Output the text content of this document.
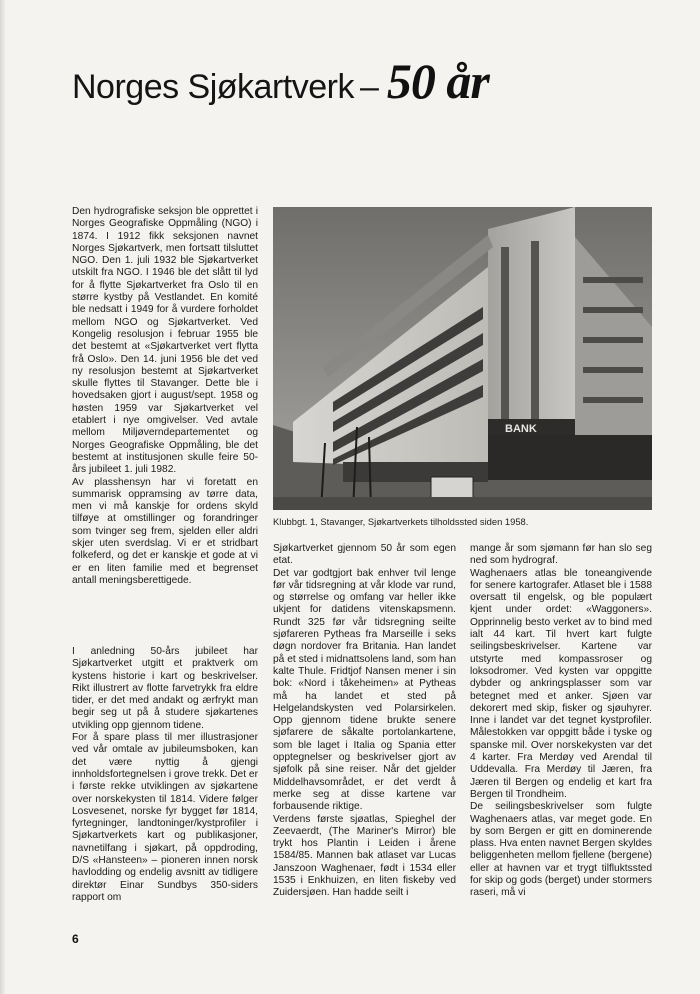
Norges Sjøkartverk – 50 år

Den hydrografiske seksjon ble opprettet i Norges Geografiske Oppmåling (NGO) i 1874. I 1912 fikk seksjonen navnet Norges Sjøkartverk, men fortsatt tilsluttet NGO. Den 1. juli 1932 ble Sjøkartverket utskilt fra NGO. I 1946 ble det slått til lyd for å flytte Sjøkartverket fra Oslo til en større kystby på Vestlandet. En komité ble nedsatt i 1949 for å vurdere forholdet mellom NGO og Sjøkartverket. Ved Kongelig resolusjon i februar 1955 ble det bestemt at «Sjøkartverket vert flytta frå Oslo». Den 14. juni 1956 ble det ved ny resolusjon bestemt at Sjøkartverket skulle flyttes til Stavanger. Dette ble i hovedsaken gjort i august/sept. 1958 og høsten 1959 var Sjøkartverket vel etablert i nye omgivelser. Ved avtale mellom Miljøverndepartementet og Norges Geografiske Oppmåling, ble det bestemt at institusjonen skulle feire 50-års jubileet 1. juli 1982.

Av plasshensyn har vi foretatt en summarisk oppramsing av tørre data, men vi må kanskje for ordens skyld tilføye at omstillinger og forandringer som tvinger seg frem, sjelden eller aldri skjer uten sverdslag. Vi er et stridbart folkeferd, og det er kanskje et gode at vi er en liten familie med et begrenset antall meningsberettigede.

BANK
Klubbgt. 1, Stavanger, Sjøkartverkets tilholdssted siden 1958.

I anledning 50-års jubileet har Sjøkartverket utgitt et praktverk om kystens historie i kart og beskrivelser. Rikt illustrert av flotte farvetrykk fra eldre tider, er det med andakt og ærfrykt man begir seg ut på å studere sjøkartenes utvikling opp gjennom tidene.

For å spare plass til mer illustrasjoner ved vår omtale av jubileumsboken, kan det være nyttig å gjengi innholdsfortegnelsen i grove trekk. Det er i første rekke utviklingen av sjøkartene over norskekysten til 1814. Videre følger Losvesenet, norske fyr bygget før 1814, fyrtegninger, landtoninger/kystprofiler i Sjøkartverkets kart og publikasjoner, navnetilfang i sjøkart, på oppdroding, D/S «Hansteen» – pioneren innen norsk havlodding og endelig avsnitt av tidligere direktør Einar Sundbys 350-siders rapport om

Sjøkartverket gjennom 50 år som egen etat.

Det var godtgjort bak enhver tvil lenge før vår tidsregning at vår klode var rund, og størrelse og omfang var heller ikke ukjent for datidens vitenskapsmenn. Rundt 325 før vår tidsregning seilte sjøfareren Pytheas fra Marseille i seks døgn nordover fra Britania. Han landet på et sted i midnattsolens land, som han kalte Thule. Fridtjof Nansen mener i sin bok: «Nord i tåkeheimen» at Pytheas må ha landet et sted på Helgelandskysten ved Polarsirkelen. Opp gjennom tidene brukte senere sjøfarere de såkalte portolankartene, som ble laget i Italia og Spania etter opptegnelser og beskrivelser gjort av sjøfolk på sine reiser. Når det gjelder Middelhavsområdet, er det verdt å merke seg at disse kartene var forbausende riktige.

Verdens første sjøatlas, Spieghel der Zeevaerdt, (The Mariner's Mirror) ble trykt hos Plantin i Leiden i årene 1584/85. Mannen bak atlaset var Lucas Janszoon Waghenaer, født i 1534 eller 1535 i Enkhuizen, en liten fiskeby ved Zuidersjøen. Han hadde seilt i

mange år som sjømann før han slo seg ned som hydrograf.

Waghenaers atlas ble toneangivende for senere kartografer. Atlaset ble i 1588 oversatt til engelsk, og ble populært kjent under ordet: «Waggoners». Opprinnelig besto verket av to bind med ialt 44 kart. Til hvert kart fulgte seilingsbeskrivelser. Kartene var utstyrte med kompassroser og loksodromer. Ved kysten var oppgitte dybder og ankringsplasser som var betegnet med et anker. Sjøen var dekorert med skip, fisker og sjøuhyrer. Inne i landet var det tegnet kystprofiler. Målestokken var oppgitt både i tyske og spanske mil. Over norskekysten var det 4 karter. Fra Merdøy ved Arendal til Uddevalla. Fra Merdøy til Jæren, fra Jæren til Bergen og endelig et kart fra Bergen til Trondheim.

De seilingsbeskrivelser som fulgte Waghenaers atlas, var meget gode. En by som Bergen er gitt en dominerende plass. Hva enten navnet Bergen skyldes beliggenheten mellom fjellene (bergene) eller at havnen var et trygt tilfluktssted for skip og gods (berget) under stormers raseri, må vi

6
